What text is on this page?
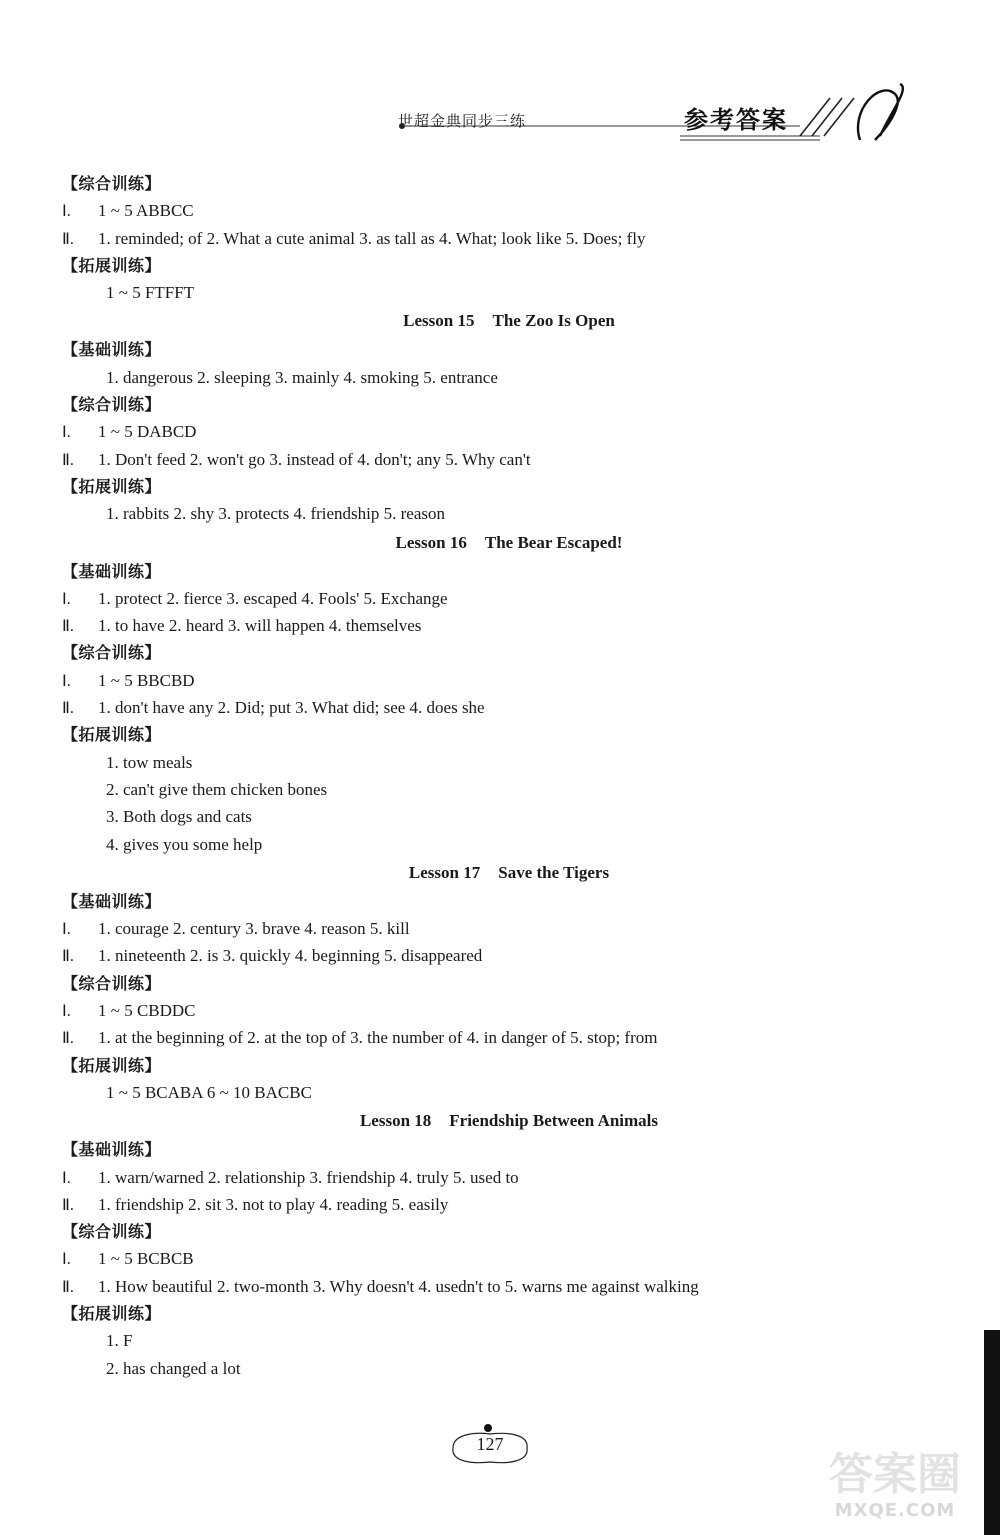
世超金典同步三练	参考答案
【综合训练】
Ⅰ. 1 ~ 5 ABBCC
Ⅱ. 1. reminded; of 2. What a cute animal 3. as tall as 4. What; look like 5. Does; fly
【拓展训练】
1 ~ 5 FTFFT
Lesson 15 The Zoo Is Open
【基础训练】
1. dangerous 2. sleeping 3. mainly 4. smoking 5. entrance
【综合训练】
Ⅰ. 1 ~ 5 DABCD
Ⅱ. 1. Don't feed 2. won't go 3. instead of 4. don't; any 5. Why can't
【拓展训练】
1. rabbits 2. shy 3. protects 4. friendship 5. reason
Lesson 16 The Bear Escaped!
【基础训练】
Ⅰ. 1. protect 2. fierce 3. escaped 4. Fools' 5. Exchange
Ⅱ. 1. to have 2. heard 3. will happen 4. themselves
【综合训练】
Ⅰ. 1 ~ 5 BBCBD
Ⅱ. 1. don't have any 2. Did; put 3. What did; see 4. does she
【拓展训练】
1. tow meals
2. can't give them chicken bones
3. Both dogs and cats
4. gives you some help
Lesson 17 Save the Tigers
【基础训练】
Ⅰ. 1. courage 2. century 3. brave 4. reason 5. kill
Ⅱ. 1. nineteenth 2. is 3. quickly 4. beginning 5. disappeared
【综合训练】
Ⅰ. 1 ~ 5 CBDDC
Ⅱ. 1. at the beginning of 2. at the top of 3. the number of 4. in danger of 5. stop; from
【拓展训练】
1 ~ 5 BCABA 6 ~ 10 BACBC
Lesson 18 Friendship Between Animals
【基础训练】
Ⅰ. 1. warn/warned 2. relationship 3. friendship 4. truly 5. used to
Ⅱ. 1. friendship 2. sit 3. not to play 4. reading 5. easily
【综合训练】
Ⅰ. 1 ~ 5 BCBCB
Ⅱ. 1. How beautiful 2. two-month 3. Why doesn't 4. usedn't to 5. warns me against walking
【拓展训练】
1. F
2. has changed a lot
127
答案圈
MXQE.COM
